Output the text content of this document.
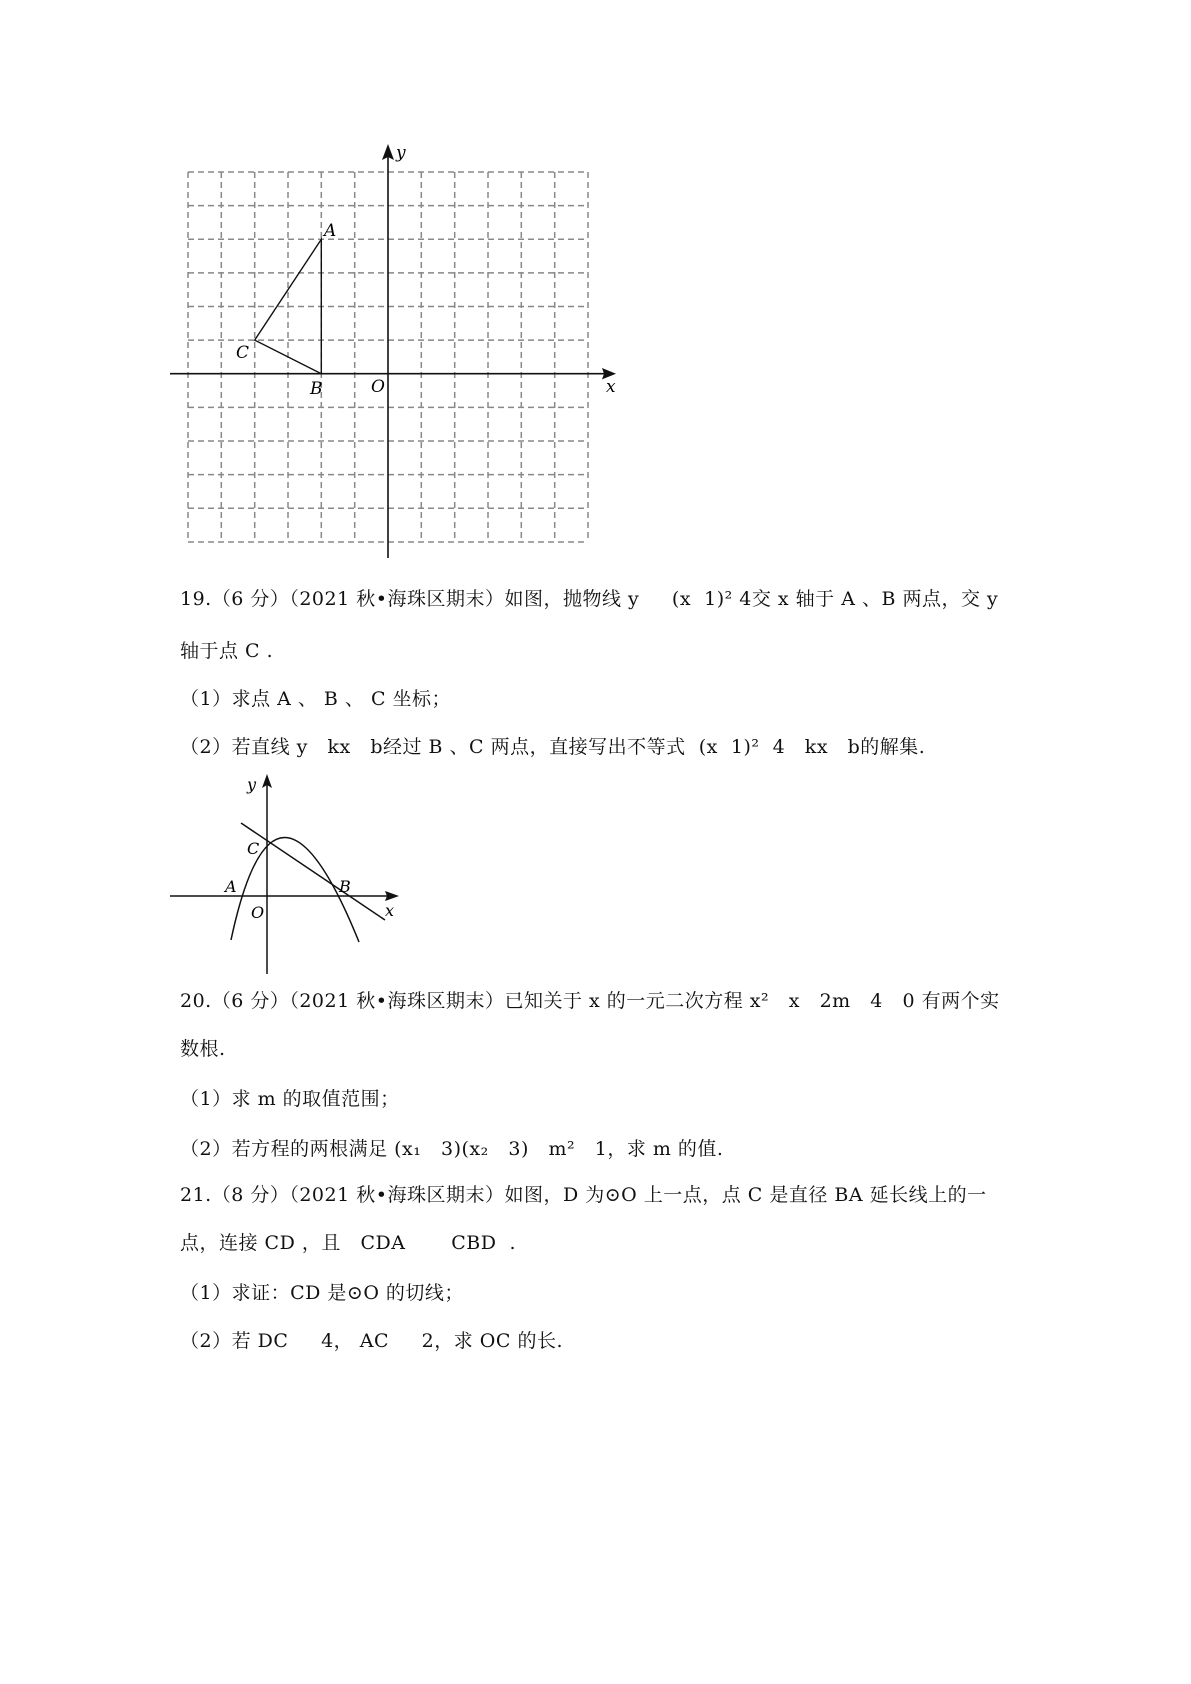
y
x
A
B
C
O
19.（6 分）（2021 秋•海珠区期末）如图，抛物线 y     (x  1)² 4交 x 轴于 A 、B 两点，交 y
轴于点 C .
（1）求点 A 、 B 、 C 坐标；
（2）若直线 y   kx   b经过 B 、C 两点，直接写出不等式  (x  1)²  4   kx   b的解集.
y
x
A	B
C
O
20.（6 分）（2021 秋•海珠区期末）已知关于 x 的一元二次方程 x²   x   2m   4   0 有两个实
数根.
（1）求 m 的取值范围；
（2）若方程的两根满足 (x₁   3)(x₂   3)   m²   1，求 m 的值.
21.（8 分）（2021 秋•海珠区期末）如图，D 为⊙O 上一点，点 C 是直径 BA 延长线上的一
点，连接 CD ，且   CDA       CBD  .
（1）求证：CD 是⊙O 的切线；
（2）若 DC     4， AC     2，求 OC 的长.
